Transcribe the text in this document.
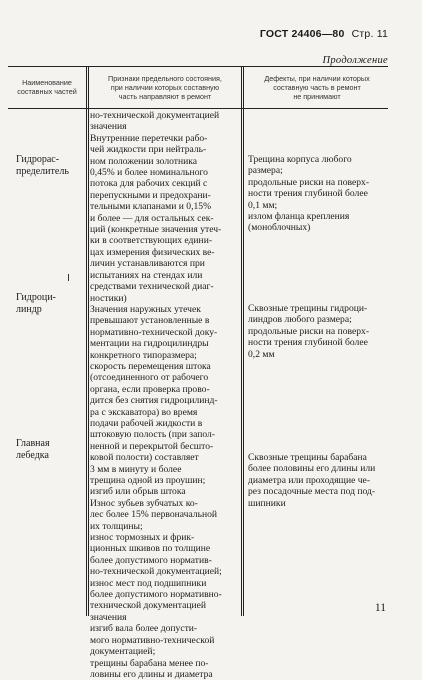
ГОСТ 24406—80 Стр. 11
Продолжение
Наименование
составных частей
Признаки предельного состояния,
при наличии которых составную
часть направляют в ремонт
Дефекты, при наличии которых
составную часть в ремонт
не принимают
Гидрорас-
пределитель
Гидроци-
линдр
Главная
лебедка
но-технической документацией
значения
Внутренние перетечки рабо-
чей жидкости при нейтраль-
ном положении золотника
0,45% и более номинального
потока для рабочих секций с
перепускными и предохрани-
тельными клапанами и 0,15%
и более — для остальных сек-
ций (конкретные значения утеч-
ки в соответствующих едини-
цах измерения физических ве-
личин устанавливаются при
испытаниях на стендах или
средствами технической диаг-
ностики)
Значения наружных утечек
превышают установленные в
нормативно-технической доку-
ментации на гидроцилиндры
конкретного типоразмера;
скорость перемещения штока
(отсоединенного от рабочего
органа, если проверка прово-
дится без снятия гидроцилинд-
ра с экскаватора) во время
подачи рабочей жидкости в
штоковую полость (при запол-
ненной и перекрытой бесшто-
ковой полости) составляет
3 мм в минуту и более
трещина одной из проушин;
изгиб или обрыв штока
Износ зубьев зубчатых ко-
лес более 15% первоначальной
их толщины;
износ тормозных и фрик-
ционных шкивов по толщине
более допустимого норматив-
но-технической документацией;
износ мест под подшипники
более допустимого нормативно-
технической документацией
значения
изгиб вала более допусти-
мого нормативно-технической
документацией;
трещины барабана менее по-
ловины его длины и диаметра
Трещина корпуса любого
размера;
продольные риски на поверх-
ности трения глубиной более
0,1 мм;
излом фланца крепления
(моноблочных)
Сквозные трещины гидроци-
линдров любого размера;
продольные риски на поверх-
ности трения глубиной более
0,2 мм
Сквозные трещины барабана
более половины его длины или
диаметра или проходящие че-
рез посадочные места под под-
шипники
11
